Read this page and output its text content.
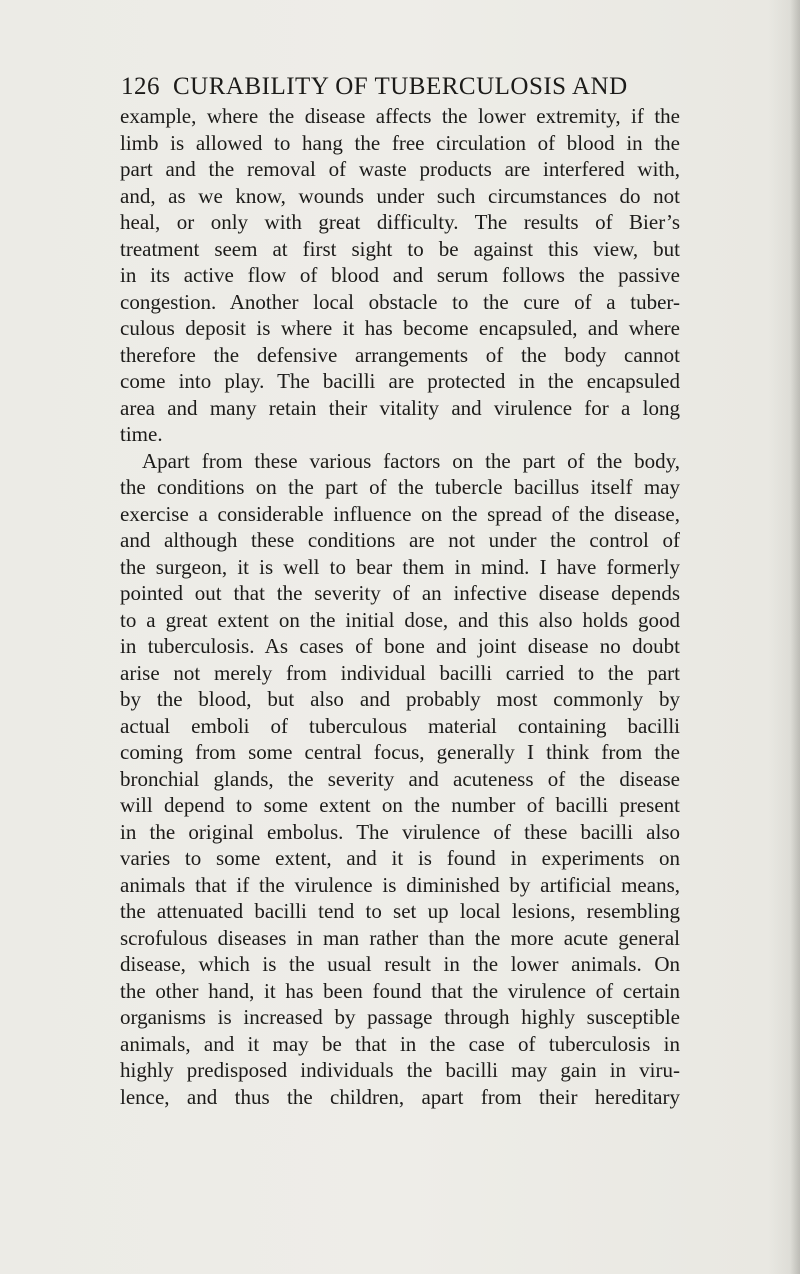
126 CURABILITY OF TUBERCULOSIS AND
example, where the disease affects the lower extremity, if the
limb is allowed to hang the free circulation of blood in the
part and the removal of waste products are interfered with,
and, as we know, wounds under such circumstances do not
heal, or only with great difficulty. The results of Bier’s
treatment seem at first sight to be against this view, but
in its active flow of blood and serum follows the passive
congestion. Another local obstacle to the cure of a tuber-
culous deposit is where it has become encapsuled, and where
therefore the defensive arrangements of the body cannot
come into play. The bacilli are protected in the encapsuled
area and many retain their vitality and virulence for a long
time.
Apart from these various factors on the part of the body,
the conditions on the part of the tubercle bacillus itself may
exercise a considerable influence on the spread of the disease,
and although these conditions are not under the control of
the surgeon, it is well to bear them in mind. I have formerly
pointed out that the severity of an infective disease depends
to a great extent on the initial dose, and this also holds good
in tuberculosis. As cases of bone and joint disease no doubt
arise not merely from individual bacilli carried to the part
by the blood, but also and probably most commonly by
actual emboli of tuberculous material containing bacilli
coming from some central focus, generally I think from the
bronchial glands, the severity and acuteness of the disease
will depend to some extent on the number of bacilli present
in the original embolus. The virulence of these bacilli also
varies to some extent, and it is found in experiments on
animals that if the virulence is diminished by artificial means,
the attenuated bacilli tend to set up local lesions, resembling
scrofulous diseases in man rather than the more acute general
disease, which is the usual result in the lower animals. On
the other hand, it has been found that the virulence of certain
organisms is increased by passage through highly susceptible
animals, and it may be that in the case of tuberculosis in
highly predisposed individuals the bacilli may gain in viru-
lence, and thus the children, apart from their hereditary
